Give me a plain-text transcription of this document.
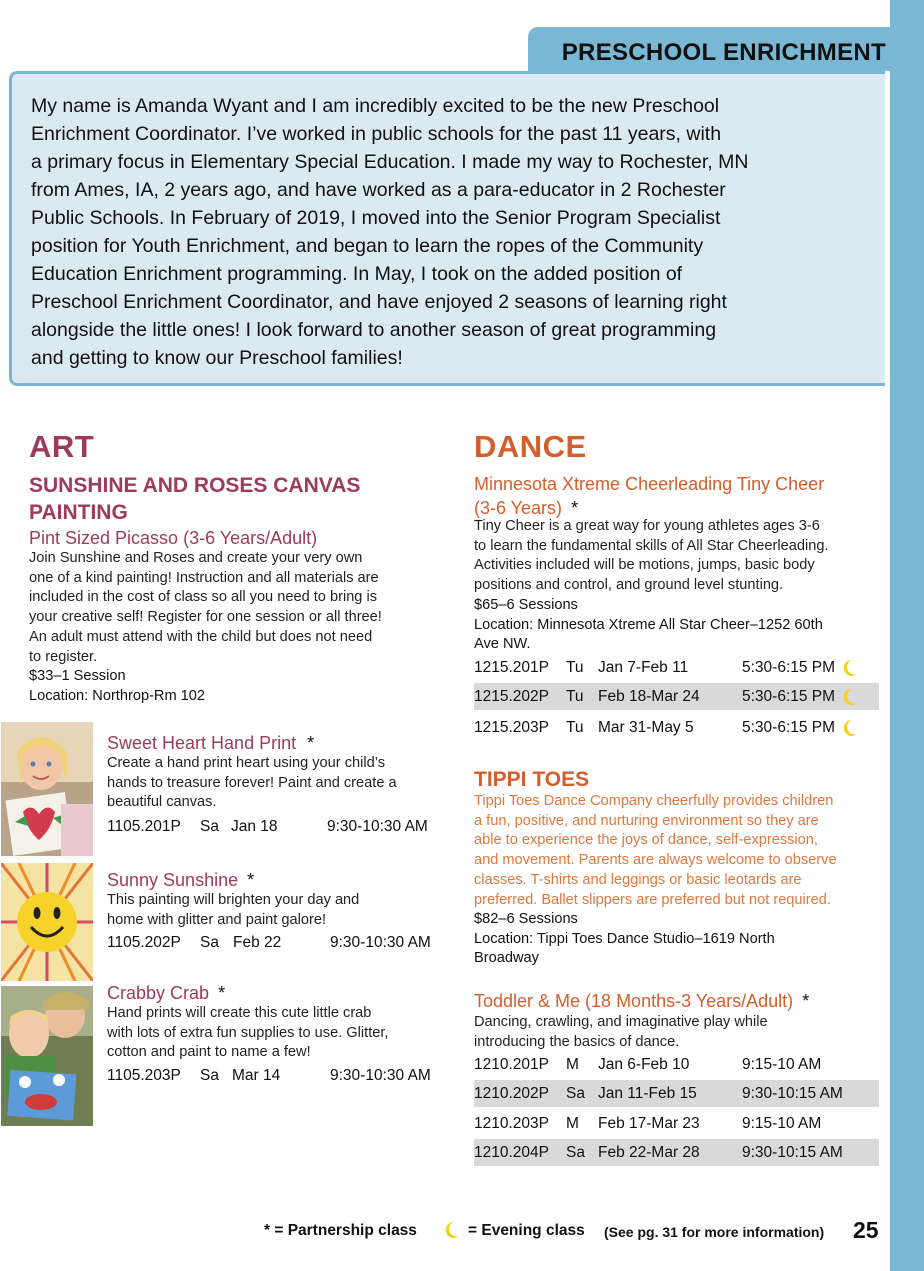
PRESCHOOL ENRICHMENT

My name is Amanda Wyant and I am incredibly excited to be the new Preschool
Enrichment Coordinator. I’ve worked in public schools for the past 11 years, with
a primary focus in Elementary Special Education. I made my way to Rochester, MN
from Ames, IA, 2 years ago, and have worked as a para-educator in 2 Rochester
Public Schools. In February of 2019, I moved into the Senior Program Specialist
position for Youth Enrichment, and began to learn the ropes of the Community
Education Enrichment programming. In May, I took on the added position of
Preschool Enrichment Coordinator, and have enjoyed 2 seasons of learning right
alongside the little ones! I look forward to another season of great programming
and getting to know our Preschool families!

ART
SUNSHINE AND ROSES CANVAS
PAINTING
Pint Sized Picasso (3-6 Years/Adult)
Join Sunshine and Roses and create your very own
one of a kind painting! Instruction and all materials are
included in the cost of class so all you need to bring is
your creative self! Register for one session or all three!
An adult must attend with the child but does not need
to register.
$33–1 Session
Location: Northrop-Rm 102
Sweet Heart Hand Print *
Create a hand print heart using your child’s
hands to treasure forever! Paint and create a
beautiful canvas.
1105.201P Sa Jan 18	9:30-10:30 AM
Sunny Sunshine *
This painting will brighten your day and
home with glitter and paint galore!
1105.202P Sa Feb 22	9:30-10:30 AM
Crabby Crab *
Hand prints will create this cute little crab
with lots of extra fun supplies to use. Glitter,
cotton and paint to name a few!
1105.203P Sa Mar 14	9:30-10:30 AM
DANCE
Minnesota Xtreme Cheerleading Tiny Cheer
(3-6 Years) *
Tiny Cheer is a great way for young athletes ages 3-6
to learn the fundamental skills of All Star Cheerleading.
Activities included will be motions, jumps, basic body
positions and control, and ground level stunting.
$65–6 Sessions
Location: Minnesota Xtreme All Star Cheer–1252 60th
Ave NW.
1215.201P Tu Jan 7-Feb 11	5:30-6:15 PM
1215.202P Tu Feb 18-Mar 24	5:30-6:15 PM
1215.203P Tu Mar 31-May 5	5:30-6:15 PM
TIPPI TOES
Tippi Toes Dance Company cheerfully provides children
a fun, positive, and nurturing environment so they are
able to experience the joys of dance, self-expression,
and movement. Parents are always welcome to observe
classes. T-shirts and leggings or basic leotards are
preferred. Ballet slippers are preferred but not required.
$82–6 Sessions
Location: Tippi Toes Dance Studio–1619 North
Broadway
Toddler & Me (18 Months-3 Years/Adult) *
Dancing, crawling, and imaginative play while
introducing the basics of dance.
1210.201P M Jan 6-Feb 10	9:15-10 AM
1210.202P Sa Jan 11-Feb 15	9:30-10:15 AM
1210.203P M Feb 17-Mar 23	9:15-10 AM
1210.204P Sa Feb 22-Mar 28	9:30-10:15 AM
* = Partnership class	= Evening class (See pg. 31 for more information) 25
